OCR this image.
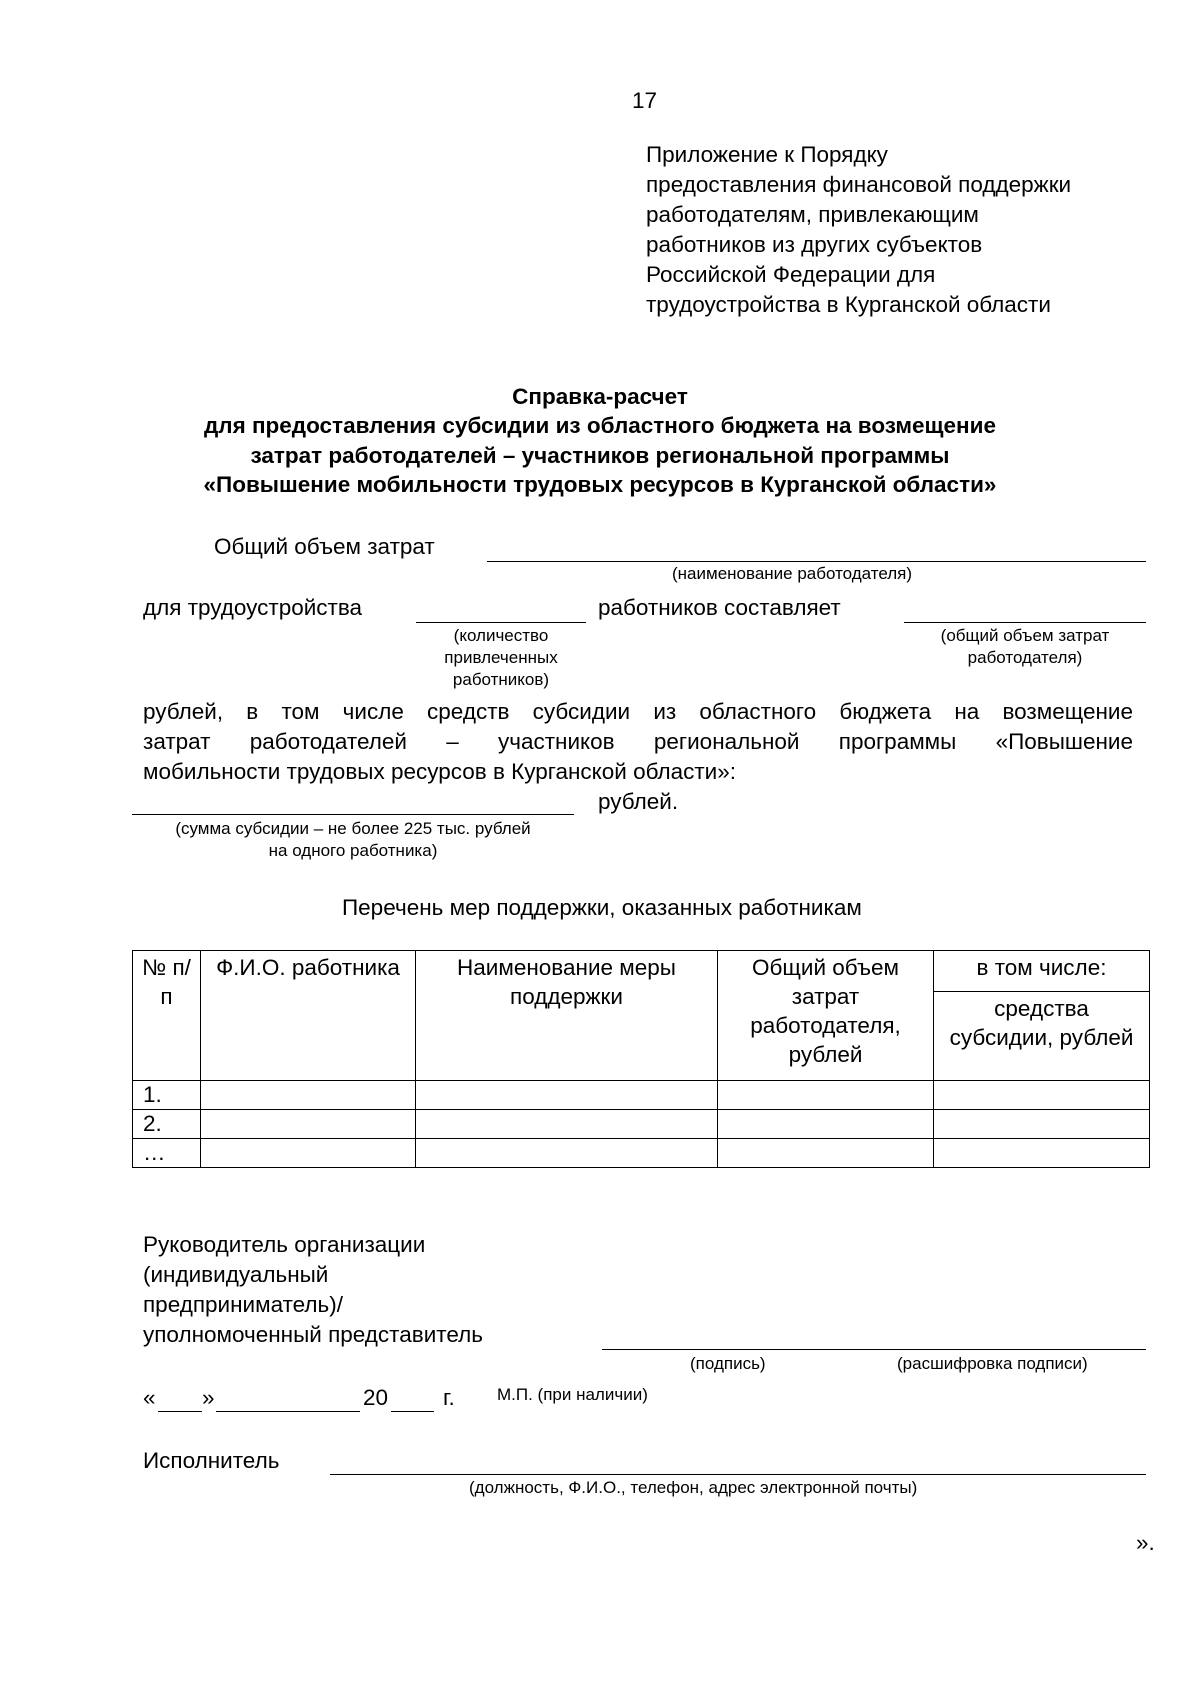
17
Приложение к Порядку
предоставления финансовой поддержки
работодателям, привлекающим
работников из других субъектов
Российской Федерации для
трудоустройства в Курганской области
Справка-расчет
для предоставления субсидии из областного бюджета на возмещение
затрат работодателей – участников региональной программы
«Повышение мобильности трудовых ресурсов в Курганской области»
Общий объем затрат
(наименование работодателя)
для трудоустройства	работников составляет
(количество
привлеченных
работников)
(общий объем затрат
работодателя)
рублей, в том числе средств субсидии из областного бюджета на возмещение
затрат работодателей – участников региональной программы «Повышение
мобильности трудовых ресурсов в Курганской области»:
рублей.
(сумма субсидии – не более 225 тыс. рублей
на одного работника)
Перечень мер поддержки, оказанных работникам
№ п/п	Ф.И.О. работника	Наименование меры поддержки	Общий объем затрат работодателя, рублей	в том числе:
				средства субсидии, рублей
1.				
2.				
…				
Руководитель организации
(индивидуальный
предприниматель)/
уполномоченный представитель
(подпись)	(расшифровка подписи)
« »	20 г. М.П. (при наличии)
Исполнитель
(должность, Ф.И.О., телефон, адрес электронной почты)
».
